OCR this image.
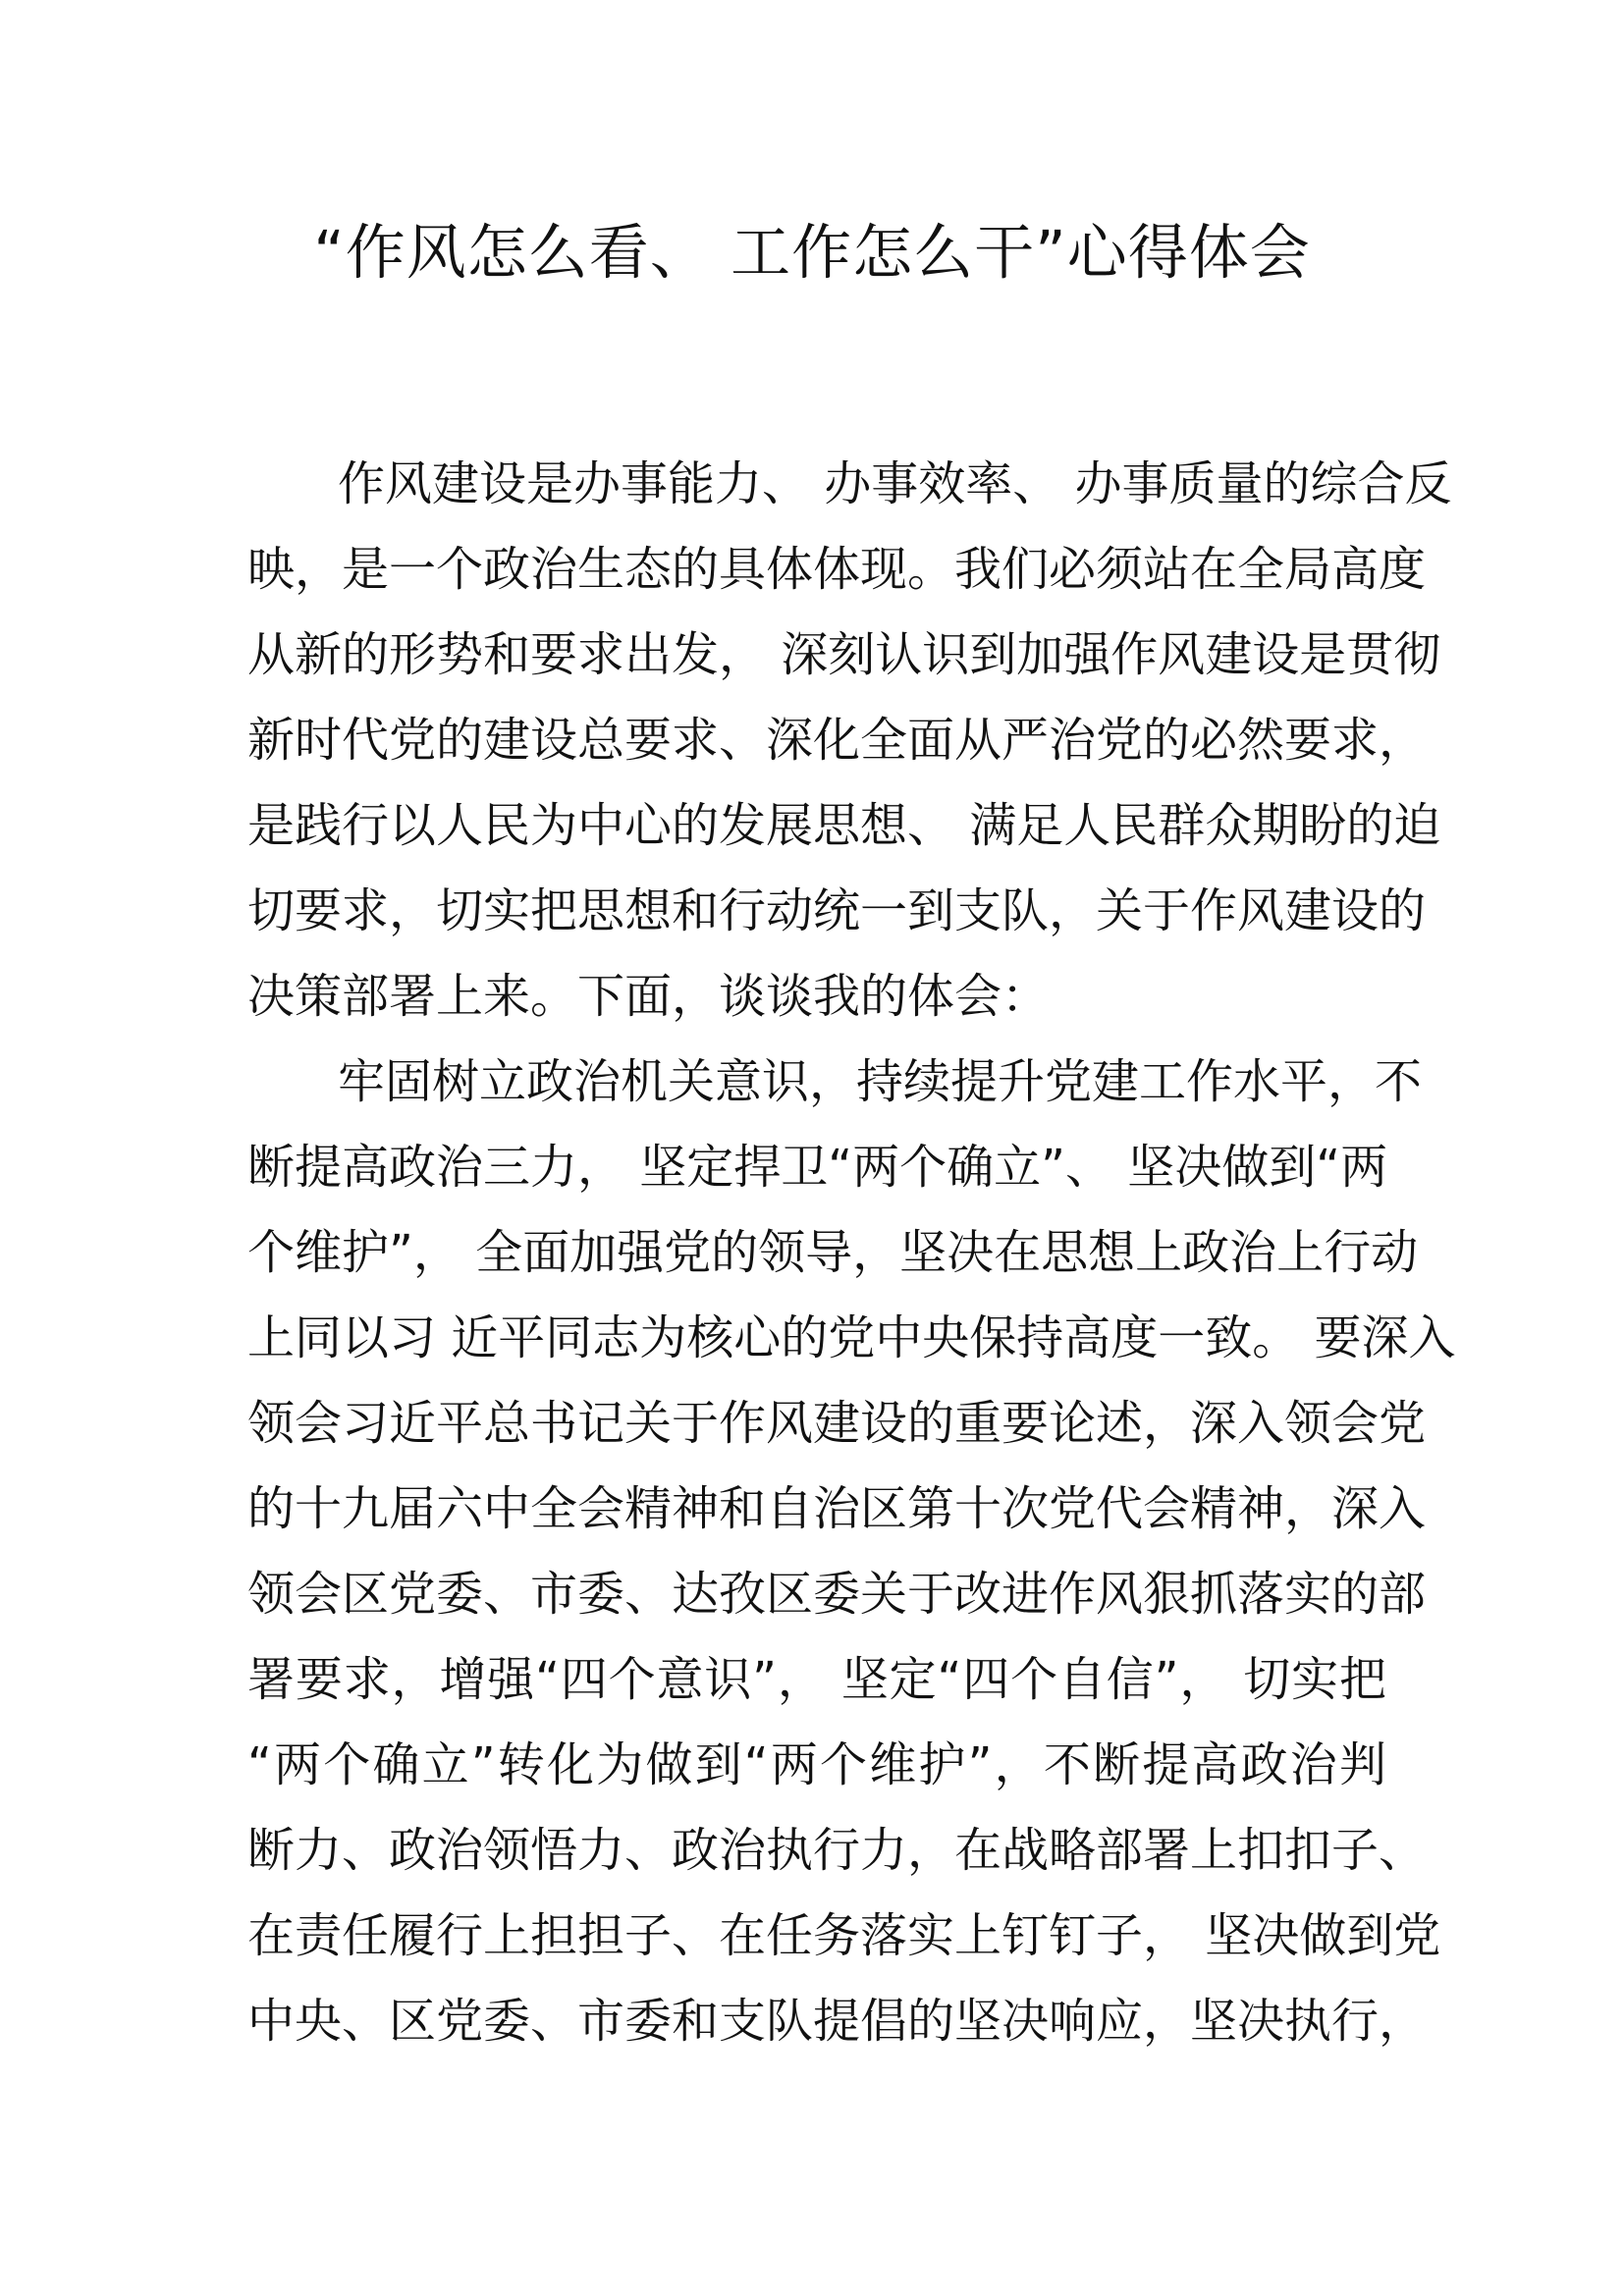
“作风怎么看、 工作怎么干”心得体会
作风建设是办事能力、 办事效率、 办事质量的综合反
映，是一个政治生态的具体体现。我们必须站在全局高度
从新的形势和要求出发， 深刻认识到加强作风建设是贯彻
新时代党的建设总要求、深化全面从严治党的必然要求，
是践行以人民为中心的发展思想、 满足人民群众期盼的迫
切要求，切实把思想和行动统一到支队，关于作风建设的
决策部署上来。下面，谈谈我的体会：
牢固树立政治机关意识，持续提升党建工作水平，不
断提高政治三力， 坚定捍卫“两个确立”、 坚决做到“两
个维护”， 全面加强党的领导，坚决在思想上政治上行动
上同以习 近平同志为核心的党中央保持高度一致。 要深入
领会习近平总书记关于作风建设的重要论述，深入领会党
的十九届六中全会精神和自治区第十次党代会精神，深入
领会区党委、市委、达孜区委关于改进作风狠抓落实的部
署要求，增强“四个意识”， 坚定“四个自信”， 切实把
“两个确立”转化为做到“两个维护”，不断提高政治判
断力、政治领悟力、政治执行力，在战略部署上扣扣子、
在责任履行上担担子、在任务落实上钉钉子， 坚决做到党
中央、区党委、市委和支队提倡的坚决响应，坚决执行，
